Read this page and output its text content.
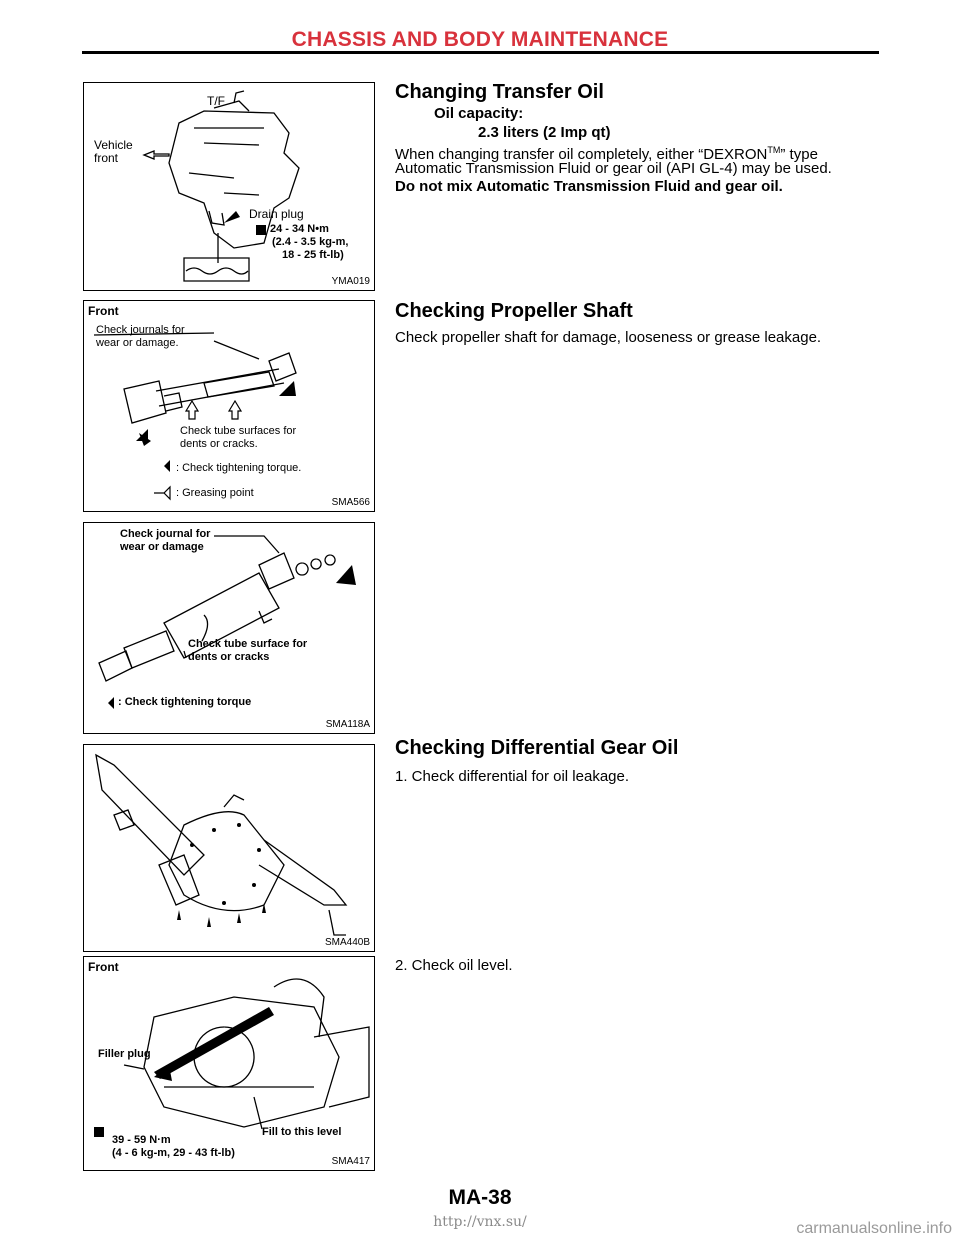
CHASSIS AND BODY MAINTENANCE
T/F
Vehicle
front
Drain plug
24 - 34 N•m
(2.4 - 3.5 kg-m,
18 - 25 ft-lb)
YMA019
Front
Check journals for
wear or damage.
Check tube surfaces for
dents or cracks.
: Check tightening torque.
: Greasing point
SMA566
Check journal for
wear or damage
Check tube surface for
dents or cracks
: Check tightening torque
SMA118A
SMA440B
Front
Filler plug
Fill to this level
39 - 59 N·m
(4 - 6 kg-m, 29 - 43 ft-lb)
SMA417
Changing Transfer Oil
Oil capacity:
2.3 liters (2 Imp qt)
When changing transfer oil completely, either “DEXRON™” type
Automatic Transmission Fluid or gear oil (API GL-4) may be used.
Do not mix Automatic Transmission Fluid and gear oil.
Checking Propeller Shaft
Check propeller shaft for damage, looseness or grease leakage.
Checking Differential Gear Oil
1. Check differential for oil leakage.
2. Check oil level.
MA-38
http://vnx.su/	carmanualsonline.info
